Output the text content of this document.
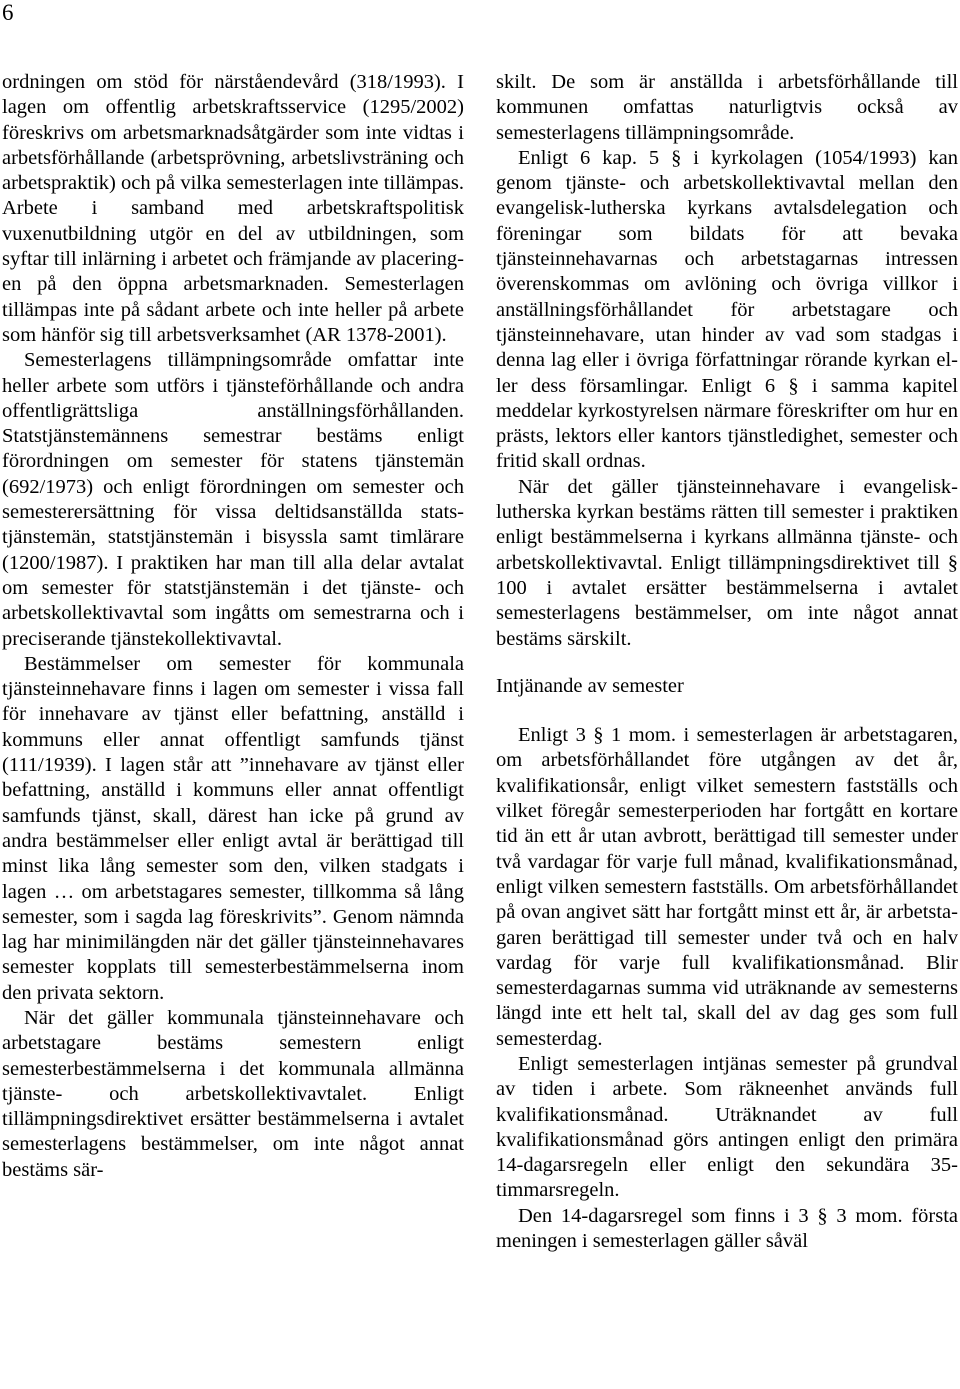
6

ordningen om stöd för närståendevård (318/1993). I lagen om offentlig arbetskraftsservice (1295/2002) föreskrivs om arbetsmarknadsåtgärder som inte vidtas i arbetsförhållande (arbetsprövning, arbetslivsträning och arbetspraktik) och på vilka semesterlagen inte tillämpas. Arbete i samband med arbetskraftspolitisk vuxenutbildning utgör en del av utbildningen, som syftar till inlärning i arbetet och främjande av placeringen på den öppna arbetsmarknaden. Semesterlagen tillämpas inte på sådant arbete och inte heller på arbete som hänför sig till arbetsverksamhet (AR 1378-2001).

Semesterlagens tillämpningsområde omfattar inte heller arbete som utförs i tjänsteförhållande och andra offentligrättsliga anställningsförhållanden. Statstjänstemännens semestrar bestäms enligt förordningen om semester för statens tjänstemän (692/1973) och enligt förordningen om semester och semesterersättning för vissa deltidsanställda statstjänstemän, statstjänstemän i bisyssla samt timlärare (1200/1987). I praktiken har man till alla delar avtalat om semester för statstjänstemän i det tjänste- och arbetskollektivavtal som ingåtts om semestrarna och i preciserande tjänstekollektivavtal.

Bestämmelser om semester för kommunala tjänsteinnehavare finns i lagen om semester i vissa fall för innehavare av tjänst eller befattning, anställd i kommuns eller annat offentligt samfunds tjänst (111/1939). I lagen står att ”innehavare av tjänst eller befattning, anställd i kommuns eller annat offentligt samfunds tjänst, skall, därest han icke på grund av andra bestämmelser eller enligt avtal är berättigad till minst lika lång semester som den, vilken stadgats i lagen … om arbetstagares semester, tillkomma så lång semester, som i sagda lag föreskrivits”. Genom nämnda lag har minimilängden när det gäller tjänsteinnehavares semester kopplats till semesterbestämmelserna inom den privata sektorn.

När det gäller kommunala tjänsteinnehavare och arbetstagare bestäms semestern enligt semesterbestämmelserna i det kommunala allmänna tjänste- och arbetskollektivavtalet. Enligt tillämpningsdirektivet ersätter bestämmelserna i avtalet semesterlagens bestämmelser, om inte något annat bestäms sär-

skilt. De som är anställda i arbetsförhållande till kommunen omfattas naturligtvis också av semesterlagens tillämpningsområde.

Enligt 6 kap. 5 § i kyrkolagen (1054/1993) kan genom tjänste- och arbetskollektivavtal mellan den evangelisk-lutherska kyrkans avtalsdelegation och föreningar som bildats för att bevaka tjänsteinnehavarnas och arbetstagarnas intressen överenskommas om avlöning och övriga villkor i anställningsförhållandet för arbetstagare och tjänsteinnehavare, utan hinder av vad som stadgas i denna lag eller i övriga författningar rörande kyrkan eller dess församlingar. Enligt 6 § i samma kapitel meddelar kyrkostyrelsen närmare föreskrifter om hur en prästs, lektors eller kantors tjänstledighet, semester och fritid skall ordnas.

När det gäller tjänsteinnehavare i evangelisk-lutherska kyrkan bestäms rätten till semester i praktiken enligt bestämmelserna i kyrkans allmänna tjänste- och arbetskollektivavtal. Enligt tillämpningsdirektivet till § 100 i avtalet ersätter bestämmelserna i avtalet semesterlagens bestämmelser, om inte något annat bestäms särskilt.

Intjänande av semester

Enligt 3 § 1 mom. i semesterlagen är arbetstagaren, om arbetsförhållandet före utgången av det år, kvalifikationsår, enligt vilket semestern fastställs och vilket föregår semesterperioden har fortgått en kortare tid än ett år utan avbrott, berättigad till semester under två vardagar för varje full månad, kvalifikationsmånad, enligt vilken semestern fastställs. Om arbetsförhållandet på ovan angivet sätt har fortgått minst ett år, är arbetstagaren berättigad till semester under två och en halv vardag för varje full kvalifikationsmånad. Blir semesterdagarnas summa vid uträknande av semesterns längd inte ett helt tal, skall del av dag ges som full semesterdag.

Enligt semesterlagen intjänas semester på grundval av tiden i arbete. Som räkneenhet används full kvalifikationsmånad. Uträknandet av full kvalifikationsmånad görs antingen enligt den primära 14-dagarsregeln eller enligt den sekundära 35-timmarsregeln.

Den 14-dagarsregel som finns i 3 § 3 mom. första meningen i semesterlagen gäller såväl
